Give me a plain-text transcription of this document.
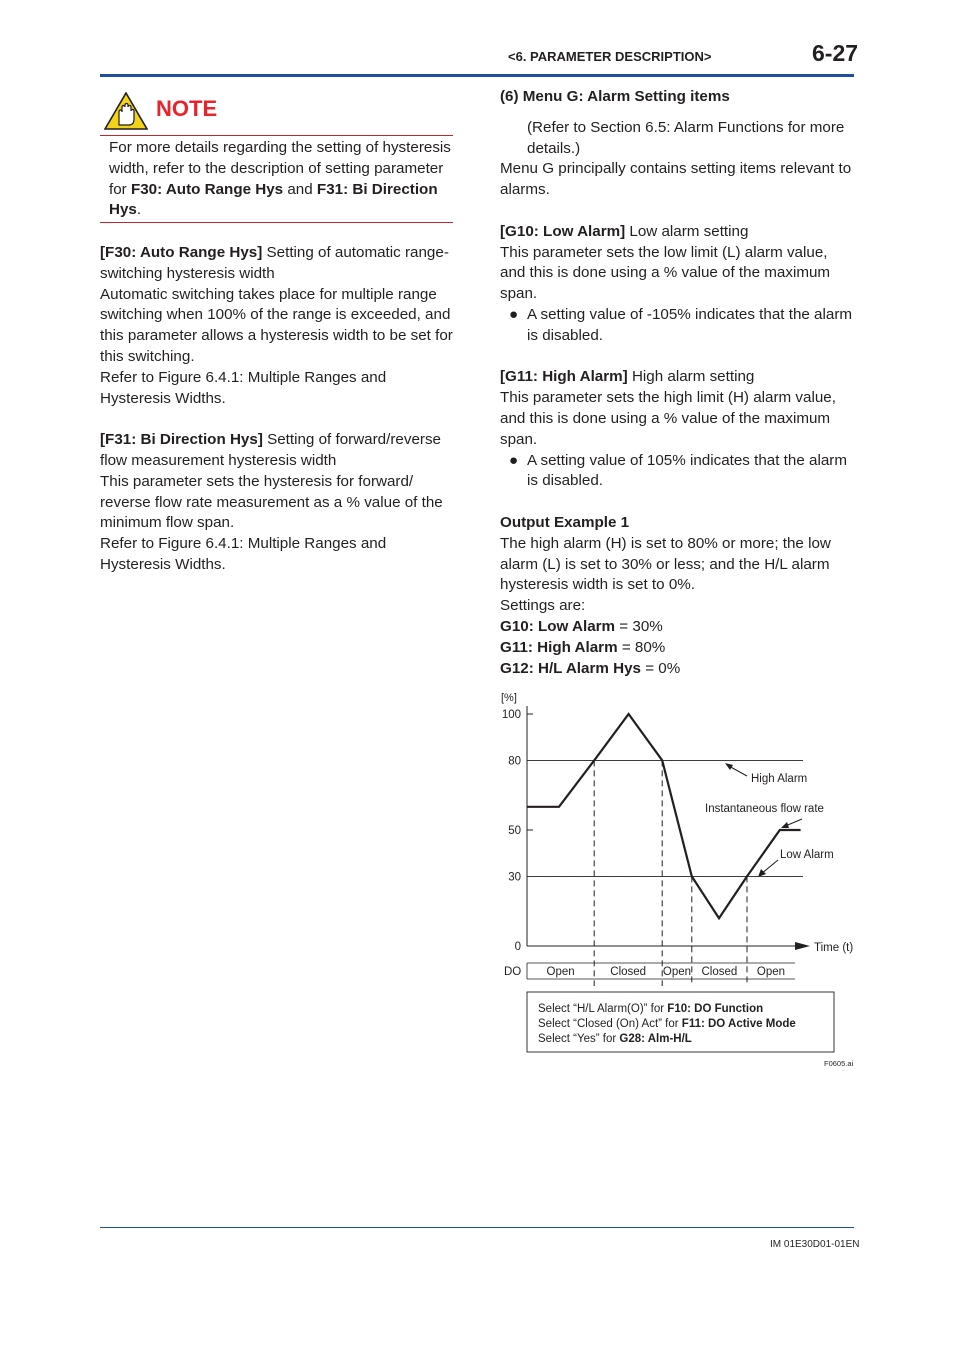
<6. PARAMETER DESCRIPTION>	6-27
NOTE
For more details regarding the setting of hysteresis width, refer to the description of setting parameter for F30: Auto Range Hys and F31: Bi Direction Hys.

[F30: Auto Range Hys] Setting of automatic range-switching hysteresis width

Automatic switching takes place for multiple range switching when 100% of the range is exceeded, and this parameter allows a hysteresis width to be set for this switching.

Refer to Figure 6.4.1: Multiple Ranges and Hysteresis Widths.

[F31: Bi Direction Hys] Setting of forward/reverse flow measurement hysteresis width

This parameter sets the hysteresis for forward/ reverse flow rate measurement as a % value of the minimum flow span.

Refer to Figure 6.4.1: Multiple Ranges and Hysteresis Widths.

(6) Menu G: Alarm Setting items

(Refer to Section 6.5: Alarm Functions for more details.)

Menu G principally contains setting items relevant to alarms.

[G10: Low Alarm] Low alarm setting

This parameter sets the low limit (L) alarm value, and this is done using a % value of the maximum span.

● A setting value of -105% indicates that the alarm is disabled.

[G11: High Alarm] High alarm setting

This parameter sets the high limit (H) alarm value, and this is done using a % value of the maximum span.

● A setting value of 105% indicates that the alarm is disabled.

Output Example 1

The high alarm (H) is set to 80% or more; the low alarm (L) is set to 30% or less; and the H/L alarm hysteresis width is set to 0%.

Settings are:

G10: Low Alarm = 30%

G11: High Alarm = 80%

G12: H/L Alarm Hys = 0%

[%]
Time (t)
0
30
50
80
100
High Alarm
Instantaneous flow rate
Low Alarm
DO Open	Closed Open Closed Open
Select “H/L Alarm(O)” for F10: DO Function
Select “Closed (On) Act” for F11: DO Active Mode
Select “Yes” for G28: Alm-H/L
F0605.ai
IM 01E30D01-01EN
